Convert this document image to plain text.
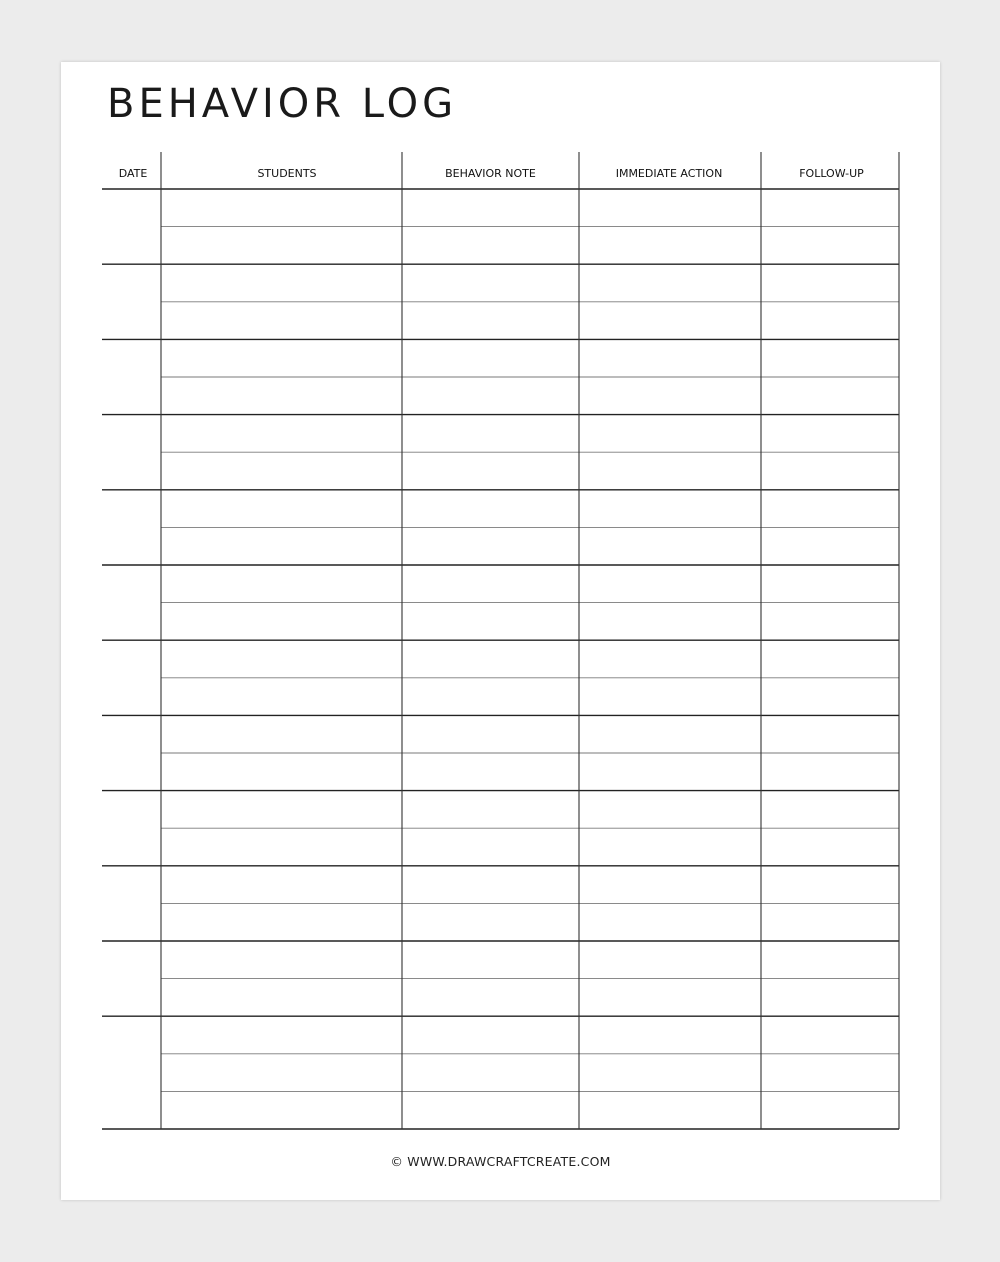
BEHAVIOR LOG
DATE	STUDENTS	BEHAVIOR NOTE	IMMEDIATE ACTION	FOLLOW-UP
© WWW.DRAWCRAFTCREATE.COM
